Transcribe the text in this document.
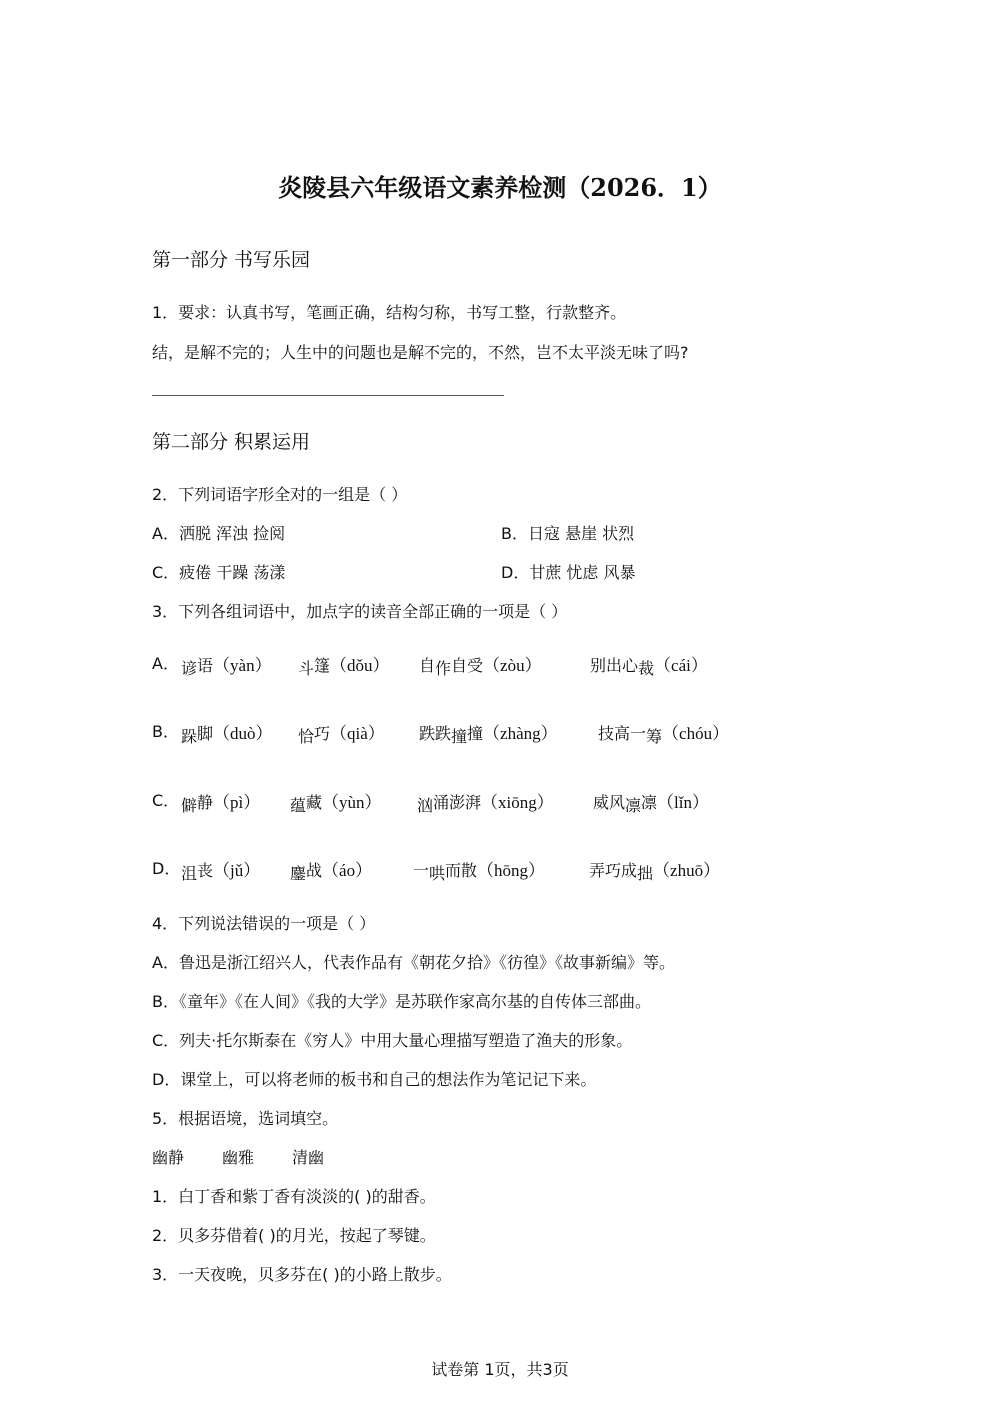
炎陵县六年级语文素养检测（2026．1）
第一部分 书写乐园
1．要求：认真书写，笔画正确，结构匀称，书写工整，行款整齐。
结，是解不完的；人生中的问题也是解不完的，不然，岂不太平淡无味了吗?
第二部分 积累运用
2．下列词语字形全对的一组是（ ）
A．洒脱 浑浊 捡阅	B．日寇 悬崖 状烈
C．疲倦 干躁 荡漾	D．甘蔗 忧虑 风暴
3．下列各组词语中，加点字的读音全部正确的一项是（ ）
A． 谚语（yàn） 斗篷（dǒu） 自作自受（zòu）	别出心裁（cái）
B． 跺脚（duò） 恰巧（qià） 跌跌撞撞（zhàng）	技高一筹（chóu）
C． 僻静（pì） 蕴藏（yùn） 汹涌澎湃（xiōng） 威风凛凛（lǐn）
D． 沮丧（jǔ） 鏖战（áo）	一哄而散（hōng）	弄巧成拙（zhuō）
4．下列说法错误的一项是（ ）
A．鲁迅是浙江绍兴人，代表作品有《朝花夕拾》《彷徨》《故事新编》等。
B．《童年》《在人间》《我的大学》是苏联作家高尔基的自传体三部曲。
C．列夫·托尔斯泰在《穷人》中用大量心理描写塑造了渔夫的形象。
D．课堂上，可以将老师的板书和自己的想法作为笔记记下来。
5．根据语境，选词填空。
幽静 幽雅 清幽
1．白丁香和紫丁香有淡淡的( )的甜香。
2．贝多芬借着( )的月光，按起了琴键。
3．一天夜晚，贝多芬在( )的小路上散步。
试卷第 1页，共3页
